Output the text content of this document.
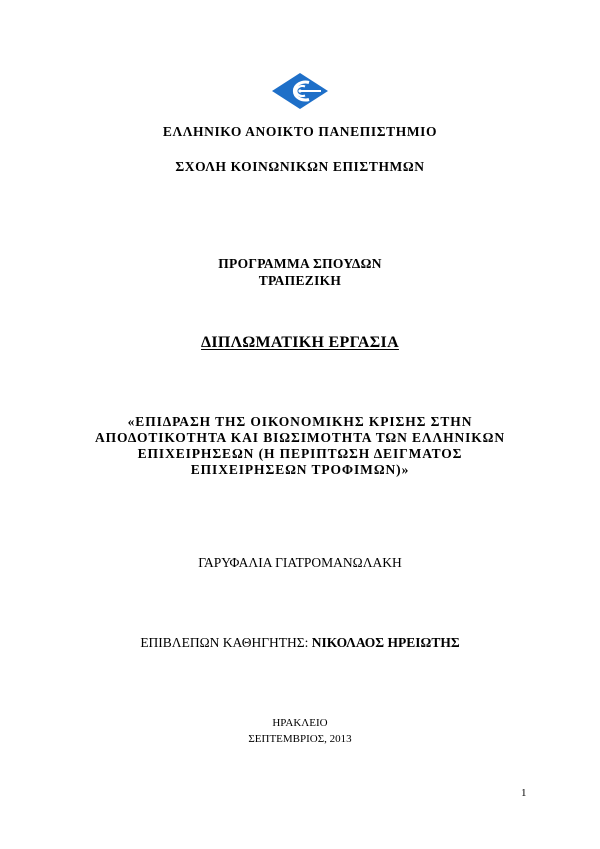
ΕΛΛΗΝΙΚΟ ΑΝΟΙΚΤΟ ΠΑΝΕΠΙΣΤΗΜΙΟ
ΣΧΟΛΗ ΚΟΙΝΩΝΙΚΩΝ ΕΠΙΣΤΗΜΩΝ
ΠΡΟΓΡΑΜΜΑ ΣΠΟΥΔΩΝ
ΤΡΑΠΕΖΙΚΗ
ΔΙΠΛΩΜΑΤΙΚΗ ΕΡΓΑΣΙΑ
«ΕΠΙΔΡΑΣΗ ΤΗΣ ΟΙΚΟΝΟΜΙΚΗΣ ΚΡΙΣΗΣ ΣΤΗΝ
ΑΠΟΔΟΤΙΚΟΤΗΤΑ ΚΑΙ ΒΙΩΣΙΜΟΤΗΤΑ ΤΩΝ ΕΛΛΗΝΙΚΩΝ
ΕΠΙΧΕΙΡΗΣΕΩΝ (Η ΠΕΡΙΠΤΩΣΗ ΔΕΙΓΜΑΤΟΣ
ΕΠΙΧΕΙΡΗΣΕΩΝ ΤΡΟΦΙΜΩΝ)»
ΓΑΡΥΦΑΛΙΑ ΓΙΑΤΡΟΜΑΝΩΛΑΚΗ
ΕΠΙΒΛΕΠΩΝ ΚΑΘΗΓΗΤΗΣ: ΝΙΚΟΛΑΟΣ ΗΡΕΙΩΤΗΣ
ΗΡΑΚΛΕΙΟ
ΣΕΠΤΕΜΒΡΙΟΣ, 2013
1
